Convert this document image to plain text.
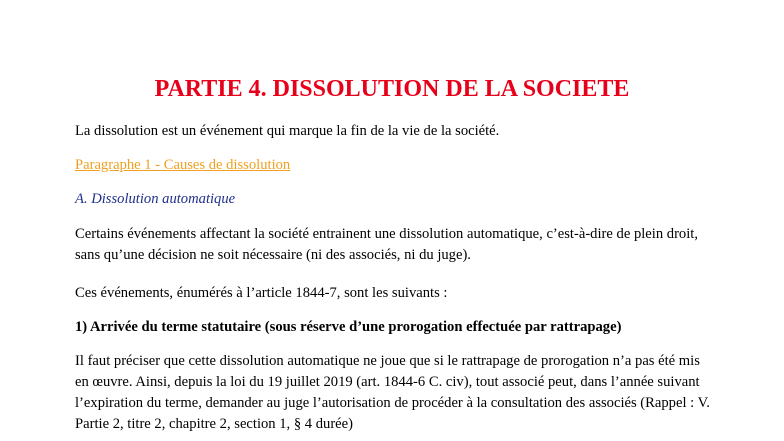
PARTIE 4. DISSOLUTION DE LA SOCIETE

La dissolution est un événement qui marque la fin de la vie de la société.

Paragraphe 1 - Causes de dissolution

A. Dissolution automatique

Certains événements affectant la société entrainent une dissolution automatique, c’est-à-dire de plein droit, sans qu’une décision ne soit nécessaire (ni des associés, ni du juge).

Ces événements, énumérés à l’article 1844-7, sont les suivants :

1) Arrivée du terme statutaire (sous réserve d’une prorogation effectuée par rattrapage)

Il faut préciser que cette dissolution automatique ne joue que si le rattrapage de prorogation n’a pas été mis en œuvre. Ainsi, depuis la loi du 19 juillet 2019 (art. 1844-6 C. civ), tout associé peut, dans l’année suivant l’expiration du terme, demander au juge l’autorisation de procéder à la consultation des associés (Rappel : V. Partie 2, titre 2, chapitre 2, section 1, § 4 durée)
